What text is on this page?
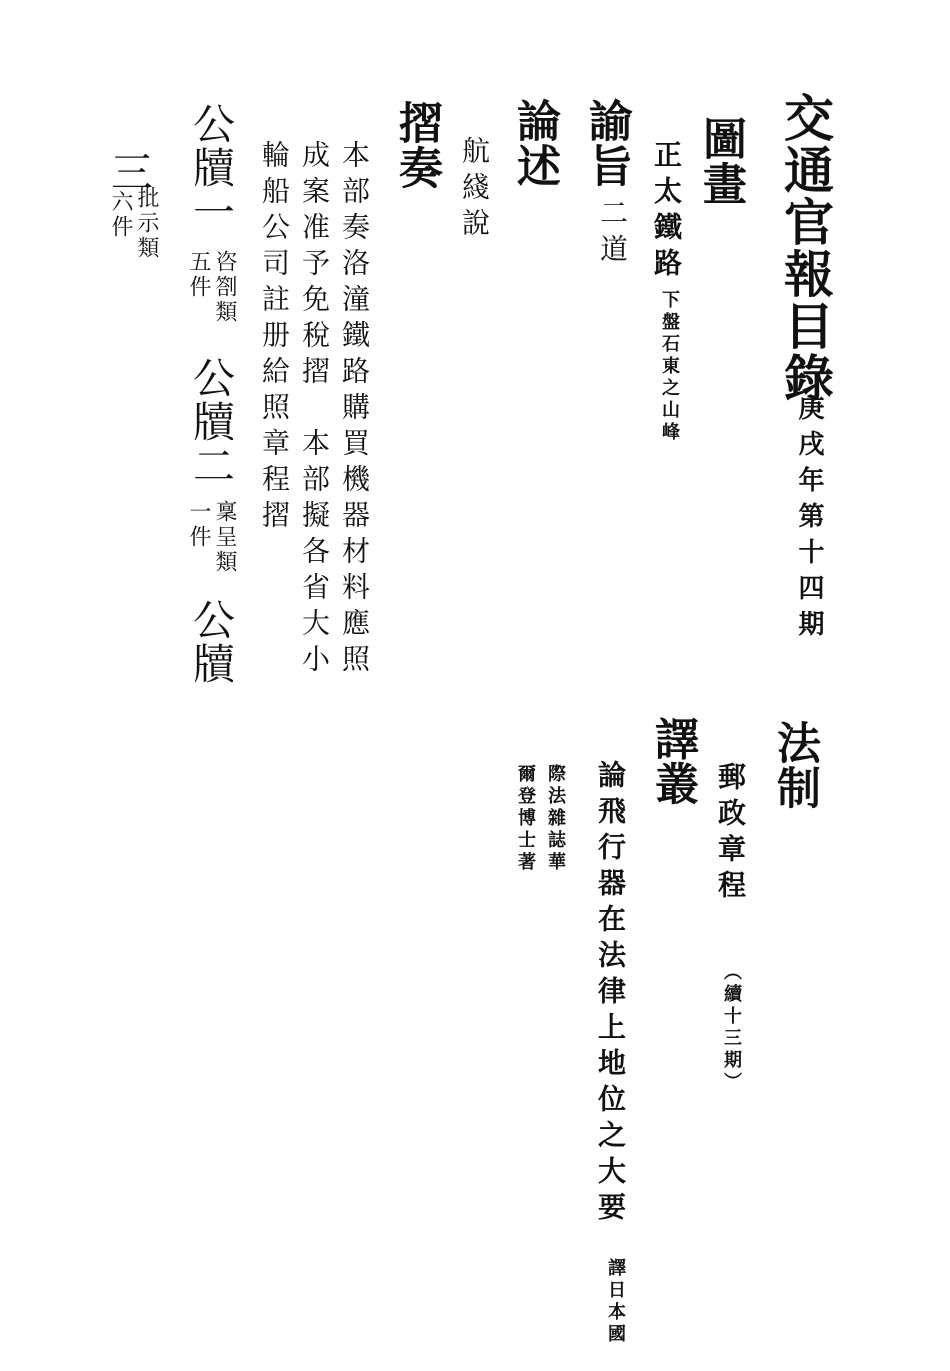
交通官報目錄
庚戌年第十四期
圖畫
正太鐵路
下盤石東之山峰
諭旨
二道
論述
航綫說
摺奏
本部奏洛潼鐵路購買機器材料應照
成案准予免稅摺　本部擬各省大小
輪船公司註册給照章程摺
公牘一
咨劄類
五件
公牘二
稟呈類
一件
公牘
三
批示類
六件
法制
郵政章程
（續十三期）
譯叢
論飛行器在法律上地位之大要
譯日本國
際法雜誌華
爾登博士著
